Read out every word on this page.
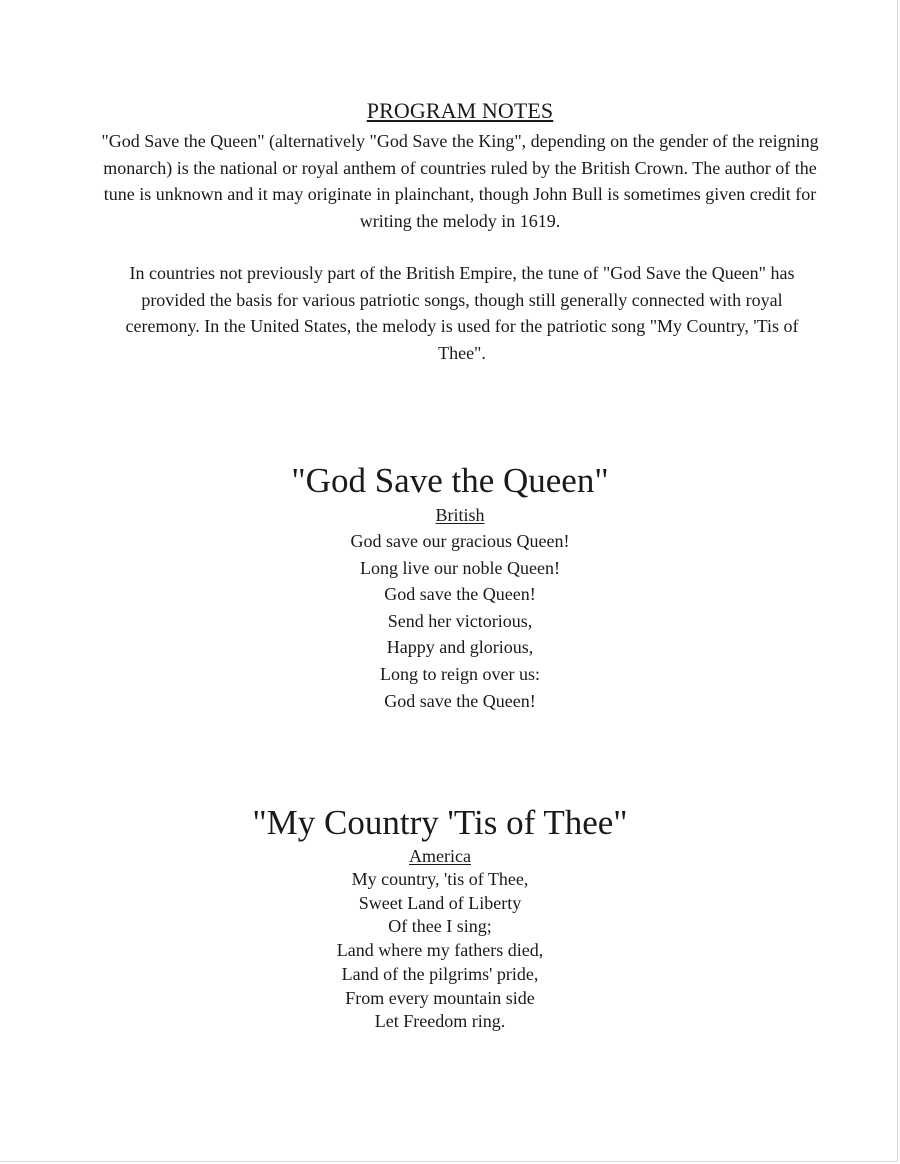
PROGRAM NOTES

"God Save the Queen" (alternatively "God Save the King", depending on the gender of the reigning monarch) is the national or royal anthem of countries ruled by the British Crown. The author of the tune is unknown and it may originate in plainchant, though John Bull is sometimes given credit for writing the melody in 1619.

In countries not previously part of the British Empire, the tune of "God Save the Queen" has provided the basis for various patriotic songs, though still generally connected with royal ceremony. In the United States, the melody is used for the patriotic song "My Country, 'Tis of Thee".

"God Save the Queen"
British
God save our gracious Queen!
Long live our noble Queen!
God save the Queen!
Send her victorious,
Happy and glorious,
Long to reign over us:
God save the Queen!
"My Country 'Tis of Thee"
America
My country, 'tis of Thee,
Sweet Land of Liberty
Of thee I sing;
Land where my fathers died,
Land of the pilgrims' pride,
From every mountain side
Let Freedom ring.
